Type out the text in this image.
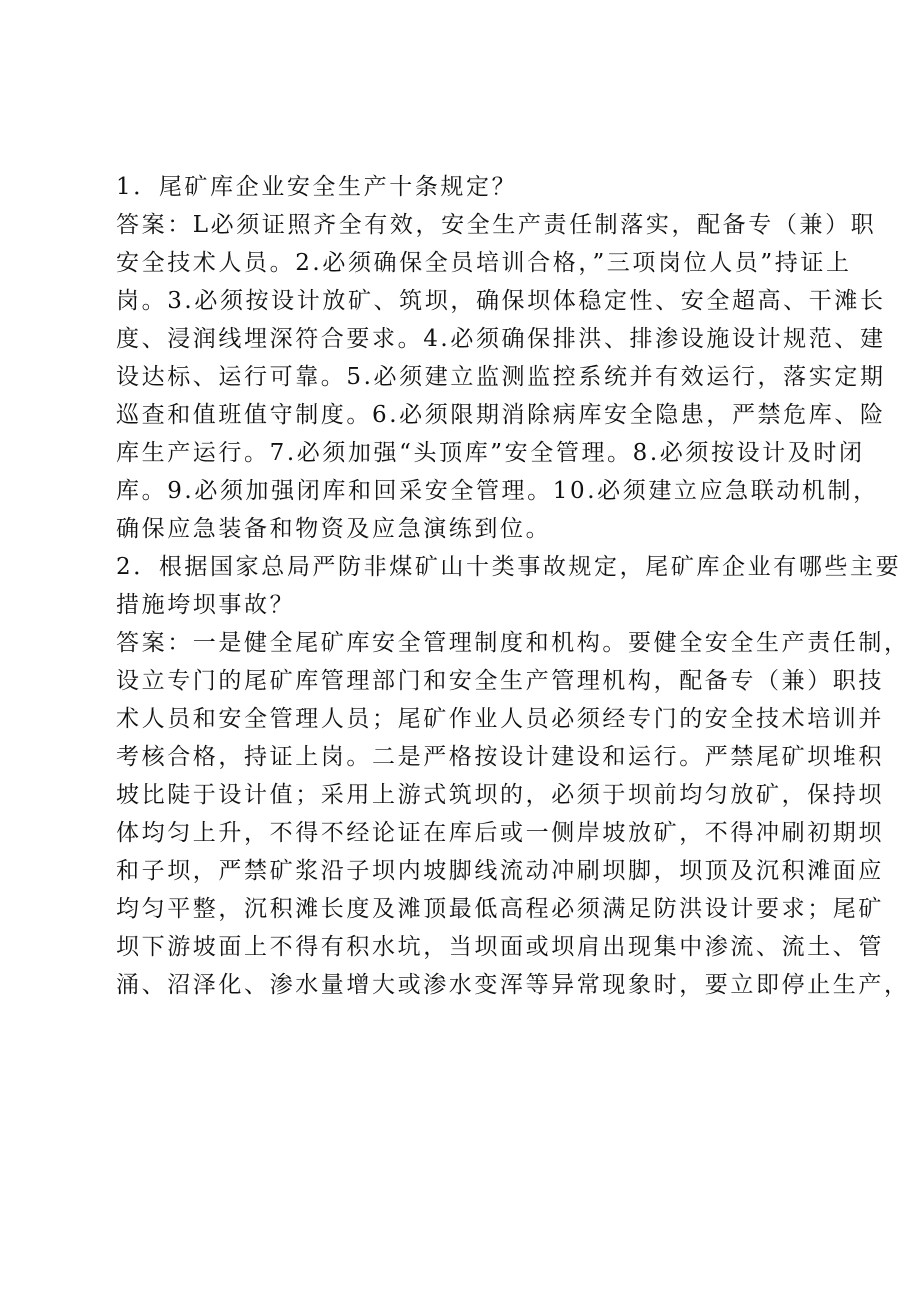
1．尾矿库企业安全生产十条规定？
答案：L必须证照齐全有效，安全生产责任制落实，配备专（兼）职
安全技术人员。2.必须确保全员培训合格，”三项岗位人员”持证上
岗。3.必须按设计放矿、筑坝，确保坝体稳定性、安全超高、干滩长
度、浸润线埋深符合要求。4.必须确保排洪、排渗设施设计规范、建
设达标、运行可靠。5.必须建立监测监控系统并有效运行，落实定期
巡查和值班值守制度。6.必须限期消除病库安全隐患，严禁危库、险
库生产运行。7.必须加强“头顶库”安全管理。8.必须按设计及时闭
库。9.必须加强闭库和回采安全管理。10.必须建立应急联动机制，
确保应急装备和物资及应急演练到位。
2．根据国家总局严防非煤矿山十类事故规定，尾矿库企业有哪些主要
措施垮坝事故？
答案：一是健全尾矿库安全管理制度和机构。要健全安全生产责任制，
设立专门的尾矿库管理部门和安全生产管理机构，配备专（兼）职技
术人员和安全管理人员；尾矿作业人员必须经专门的安全技术培训并
考核合格，持证上岗。二是严格按设计建设和运行。严禁尾矿坝堆积
坡比陡于设计值；采用上游式筑坝的，必须于坝前均匀放矿，保持坝
体均匀上升，不得不经论证在库后或一侧岸坡放矿，不得冲刷初期坝
和子坝，严禁矿浆沿子坝内坡脚线流动冲刷坝脚，坝顶及沉积滩面应
均匀平整，沉积滩长度及滩顶最低高程必须满足防洪设计要求；尾矿
坝下游坡面上不得有积水坑，当坝面或坝肩出现集中渗流、流土、管
涌、沼泽化、渗水量增大或渗水变浑等异常现象时，要立即停止生产，
